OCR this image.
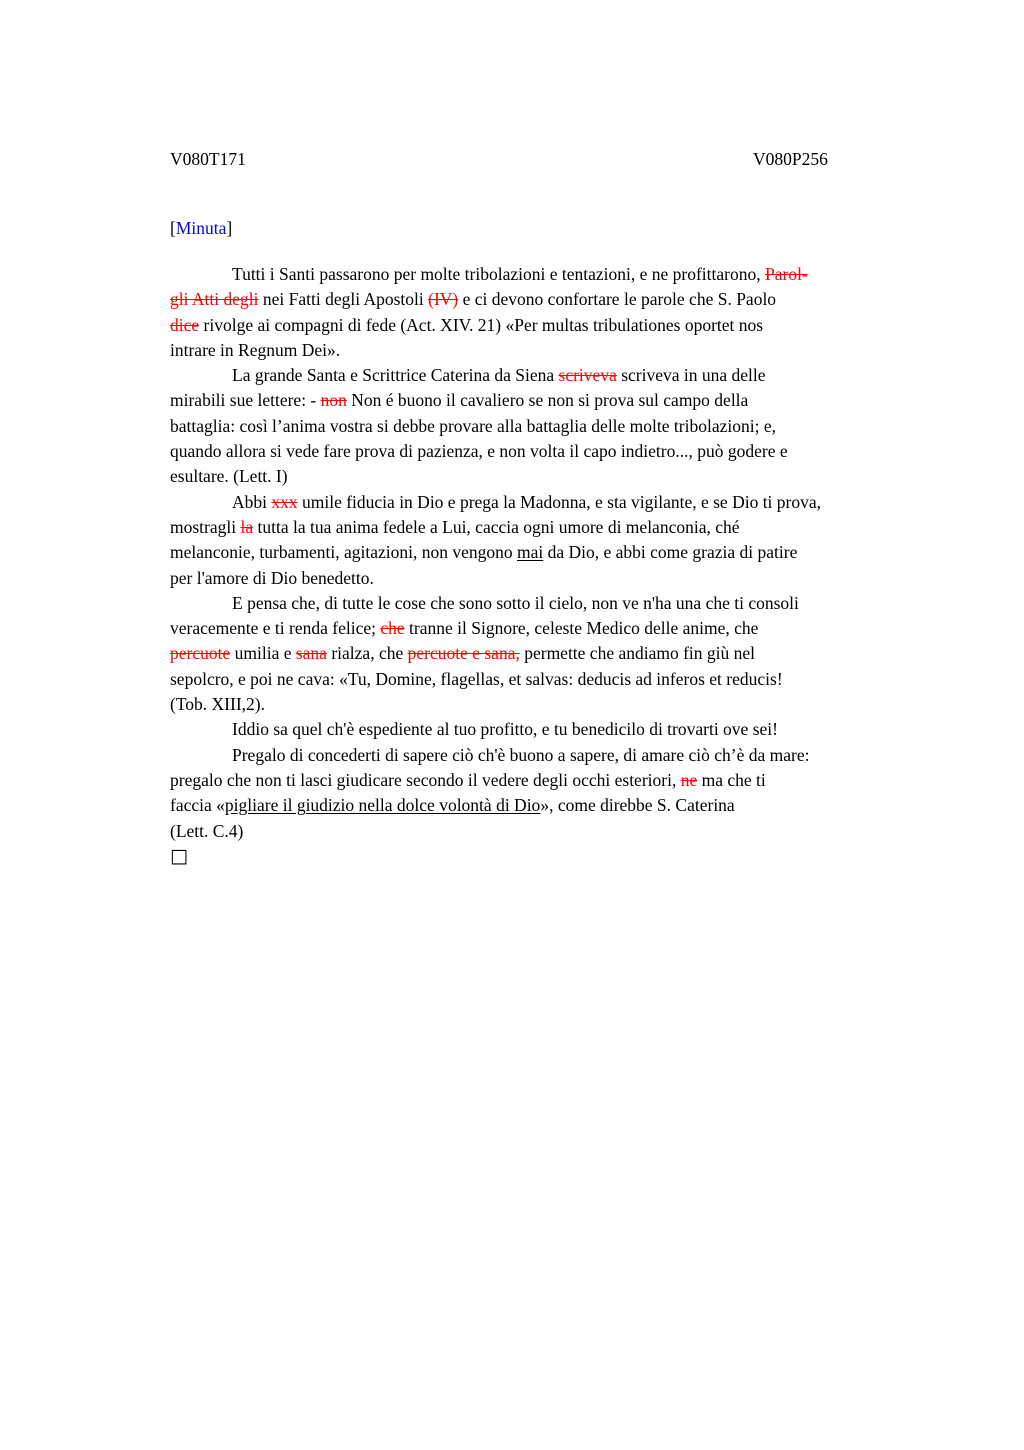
V080T171	V080P256
[Minuta]
Tutti i Santi passarono per molte tribolazioni e tentazioni, e ne profittarono, Parol-
gli Atti degli nei Fatti degli Apostoli (IV) e ci devono confortare le parole che S. Paolo
dice rivolge ai compagni di fede (Act. XIV. 21) «Per multas tribulationes oportet nos
intrare in Regnum Dei».
La grande Santa e Scrittrice Caterina da Siena scriveva scriveva in una delle
mirabili sue lettere: - non Non é buono il cavaliero se non si prova sul campo della
battaglia: così l’anima vostra si debbe provare alla battaglia delle molte tribolazioni; e,
quando allora si vede fare prova di pazienza, e non volta il capo indietro..., può godere e
esultare. (Lett. I)
Abbi xxx umile fiducia in Dio e prega la Madonna, e sta vigilante, e se Dio ti prova,
mostragli la tutta la tua anima fedele a Lui, caccia ogni umore di melanconia, ché
melanconie, turbamenti, agitazioni, non vengono mai da Dio, e abbi come grazia di patire
per l'amore di Dio benedetto.
E pensa che, di tutte le cose che sono sotto il cielo, non ve n'ha una che ti consoli
veracemente e ti renda felice; che tranne il Signore, celeste Medico delle anime, che
percuote umilia e sana rialza, che percuote e sana, permette che andiamo fin giù nel
sepolcro, e poi ne cava: «Tu, Domine, flagellas, et salvas: deducis ad inferos et reducis!
(Tob. XIII,2).
Iddio sa quel ch'è espediente al tuo profitto, e tu benedicilo di trovarti ove sei!
Pregalo di concederti di sapere ciò ch'è buono a sapere, di amare ciò ch’è da mare:
pregalo che non ti lasci giudicare secondo il vedere degli occhi esteriori, ne ma che ti
faccia «pigliare il giudizio nella dolce volontà di Dio», come direbbe S. Caterina
(Lett. C.4)
□
